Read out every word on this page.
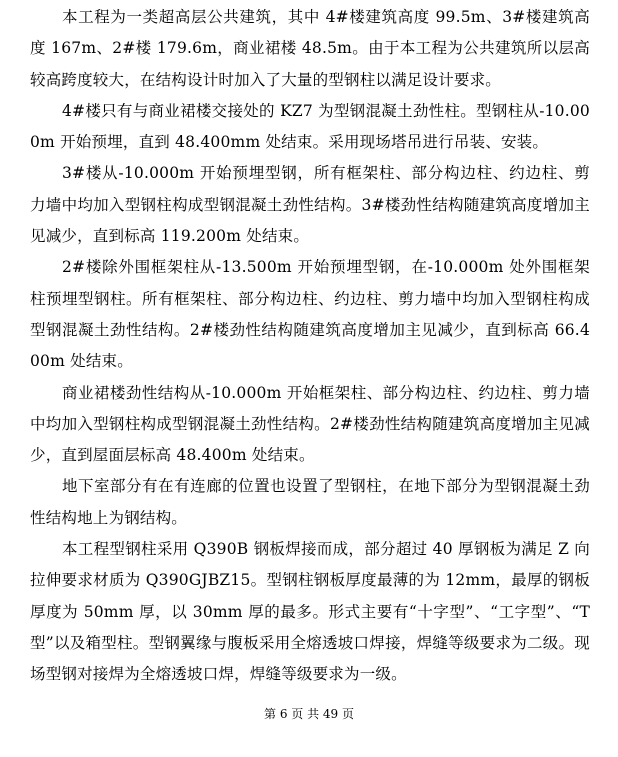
本工程为一类超高层公共建筑，其中 4#楼建筑高度 99.5m、3#楼建筑高度 167m、2#楼 179.6m，商业裙楼 48.5m。由于本工程为公共建筑所以层高较高跨度较大，在结构设计时加入了大量的型钢柱以满足设计要求。

4#楼只有与商业裙楼交接处的 KZ7 为型钢混凝土劲性柱。型钢柱从-10.000m 开始预埋，直到 48.400mm 处结束。采用现场塔吊进行吊装、安装。

3#楼从-10.000m 开始预埋型钢，所有框架柱、部分构边柱、约边柱、剪力墙中均加入型钢柱构成型钢混凝土劲性结构。3#楼劲性结构随建筑高度增加主见减少，直到标高 119.200m 处结束。

2#楼除外围框架柱从-13.500m 开始预埋型钢，在-10.000m 处外围框架柱预埋型钢柱。所有框架柱、部分构边柱、约边柱、剪力墙中均加入型钢柱构成型钢混凝土劲性结构。2#楼劲性结构随建筑高度增加主见减少，直到标高 66.400m 处结束。

商业裙楼劲性结构从-10.000m 开始框架柱、部分构边柱、约边柱、剪力墙中均加入型钢柱构成型钢混凝土劲性结构。2#楼劲性结构随建筑高度增加主见减少，直到屋面层标高 48.400m 处结束。

地下室部分有在有连廊的位置也设置了型钢柱，在地下部分为型钢混凝土劲性结构地上为钢结构。

本工程型钢柱采用 Q390B 钢板焊接而成，部分超过 40 厚钢板为满足 Z 向拉伸要求材质为 Q390GJBZ15。型钢柱钢板厚度最薄的为 12mm，最厚的钢板厚度为 50mm 厚，以 30mm 厚的最多。形式主要有“十字型”、“工字型”、“T 型”以及箱型柱。型钢翼缘与腹板采用全熔透坡口焊接，焊缝等级要求为二级。现场型钢对接焊为全熔透坡口焊，焊缝等级要求为一级。

第 6 页 共 49 页
